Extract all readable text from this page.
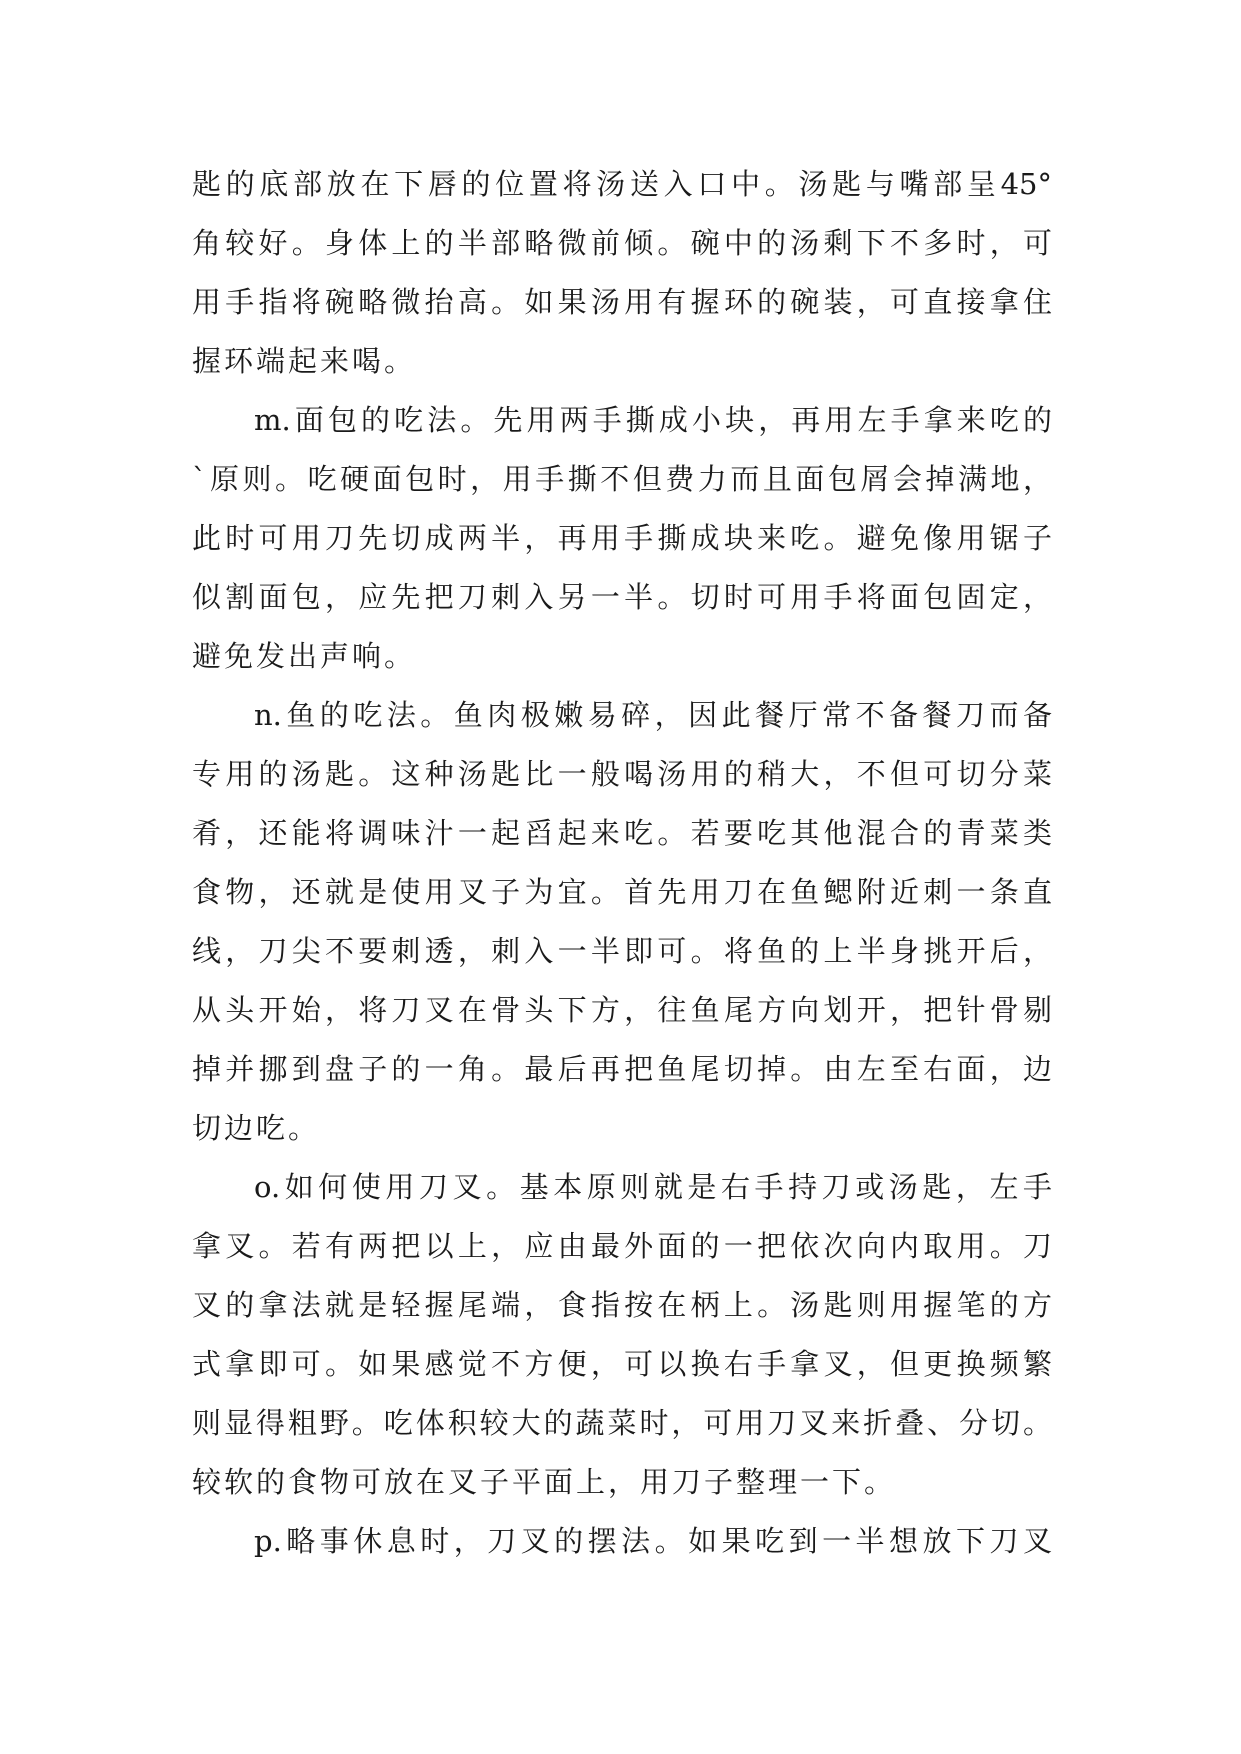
匙的底部放在下唇的位置将汤送入口中。汤匙与嘴部呈45°
角较好。身体上的半部略微前倾。碗中的汤剩下不多时，可
用手指将碗略微抬高。如果汤用有握环的碗装，可直接拿住
握环端起来喝。
m.面包的吃法。先用两手撕成小块，再用左手拿来吃的
`原则。吃硬面包时，用手撕不但费力而且面包屑会掉满地，
此时可用刀先切成两半，再用手撕成块来吃。避免像用锯子
似割面包，应先把刀刺入另一半。切时可用手将面包固定，
避免发出声响。
n.鱼的吃法。鱼肉极嫩易碎，因此餐厅常不备餐刀而备
专用的汤匙。这种汤匙比一般喝汤用的稍大，不但可切分菜
肴，还能将调味汁一起舀起来吃。若要吃其他混合的青菜类
食物，还就是使用叉子为宜。首先用刀在鱼鳃附近刺一条直
线，刀尖不要刺透，刺入一半即可。将鱼的上半身挑开后，
从头开始，将刀叉在骨头下方，往鱼尾方向划开，把针骨剔
掉并挪到盘子的一角。最后再把鱼尾切掉。由左至右面，边
切边吃。
o.如何使用刀叉。基本原则就是右手持刀或汤匙，左手
拿叉。若有两把以上，应由最外面的一把依次向内取用。刀
叉的拿法就是轻握尾端，食指按在柄上。汤匙则用握笔的方
式拿即可。如果感觉不方便，可以换右手拿叉，但更换频繁
则显得粗野。吃体积较大的蔬菜时，可用刀叉来折叠、分切。
较软的食物可放在叉子平面上，用刀子整理一下。
p.略事休息时，刀叉的摆法。如果吃到一半想放下刀叉
